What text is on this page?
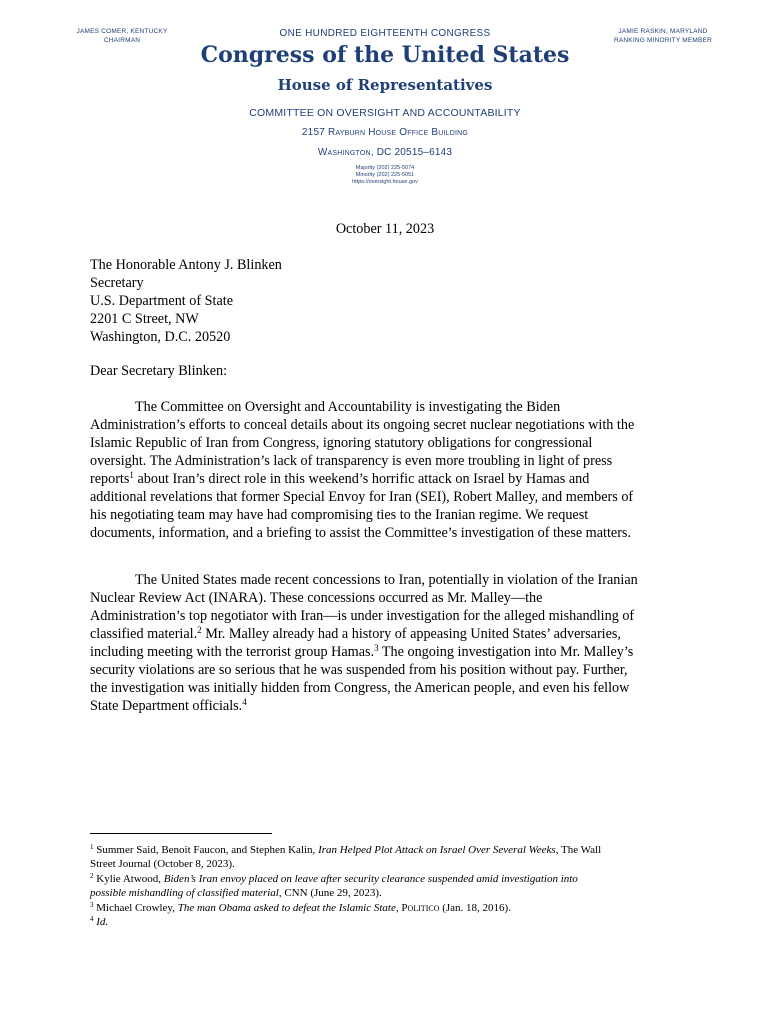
JAMES COMER, KENTUCKY
CHAIRMAN
ONE HUNDRED EIGHTEENTH CONGRESS	JAMIE RASKIN, MARYLAND
RANKING MINORITY MEMBER
Congress of the United States
House of Representatives
COMMITTEE ON OVERSIGHT AND ACCOUNTABILITY
2157 Rayburn House Office Building
Washington, DC 20515–6143
Majority (202) 225-5074
Minority (202) 225-5051
https://oversight.house.gov
October 11, 2023
The Honorable Antony J. Blinken
Secretary
U.S. Department of State
2201 C Street, NW
Washington, D.C. 20520
Dear Secretary Blinken:
The Committee on Oversight and Accountability is investigating the Biden
Administration’s efforts to conceal details about its ongoing secret nuclear negotiations with the
Islamic Republic of Iran from Congress, ignoring statutory obligations for congressional
oversight. The Administration’s lack of transparency is even more troubling in light of press
reports$^1$ about Iran’s direct role in this weekend’s horrific attack on Israel by Hamas and
additional revelations that former Special Envoy for Iran (SEI), Robert Malley, and members of
his negotiating team may have had compromising ties to the Iranian regime. We request
documents, information, and a briefing to assist the Committee’s investigation of these matters.
The United States made recent concessions to Iran, potentially in violation of the Iranian
Nuclear Review Act (INARA). These concessions occurred as Mr. Malley—the
Administration’s top negotiator with Iran—is under investigation for the alleged mishandling of
classified material.$^2$ Mr. Malley already had a history of appeasing United States’ adversaries,
including meeting with the terrorist group Hamas.$^3$ The ongoing investigation into Mr. Malley’s
security violations are so serious that he was suspended from his position without pay. Further,
the investigation was initially hidden from Congress, the American people, and even his fellow
State Department officials.$^4$
$^1$ Summer Said, Benoit Faucon, and Stephen Kalin, Iran Helped Plot Attack on Israel Over Several Weeks, The Wall
Street Journal (October 8, 2023).
$^2$ Kylie Atwood, Biden’s Iran envoy placed on leave after security clearance suspended amid investigation into
possible mishandling of classified material, CNN (June 29, 2023).
$^3$ Michael Crowley, The man Obama asked to defeat the Islamic State, Politico (Jan. 18, 2016).
$^4$ Id.
